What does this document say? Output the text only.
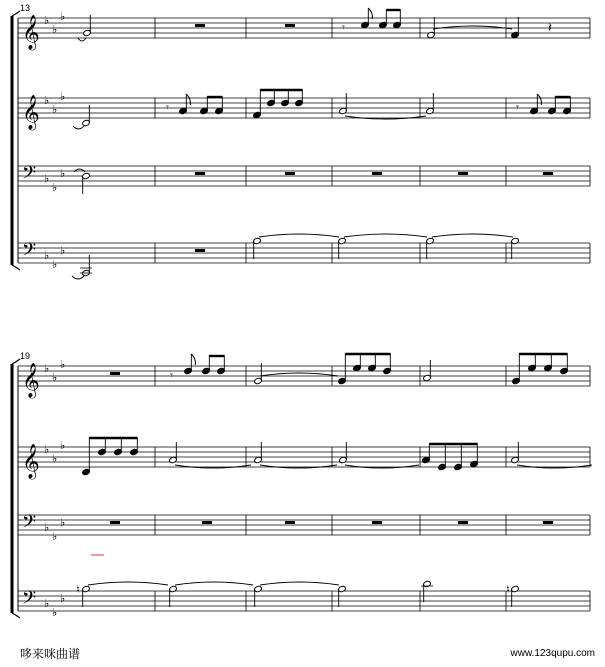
13
19
𝄞 ♭
♭
♭
𝄞 ♭
♭
♭
𝄢 ♭
♭
♭
𝄢 ♭
♭
♭
𝄞 ♭
♭
♭
𝄞 ♭
♭
♭
𝄢 ♭
♭
♭
𝄢 ♭
♭
♭
𝄾	𝄽
𝄾	𝄾
𝄾
♮	♮
哆来咪曲谱	www.123qupu.com
